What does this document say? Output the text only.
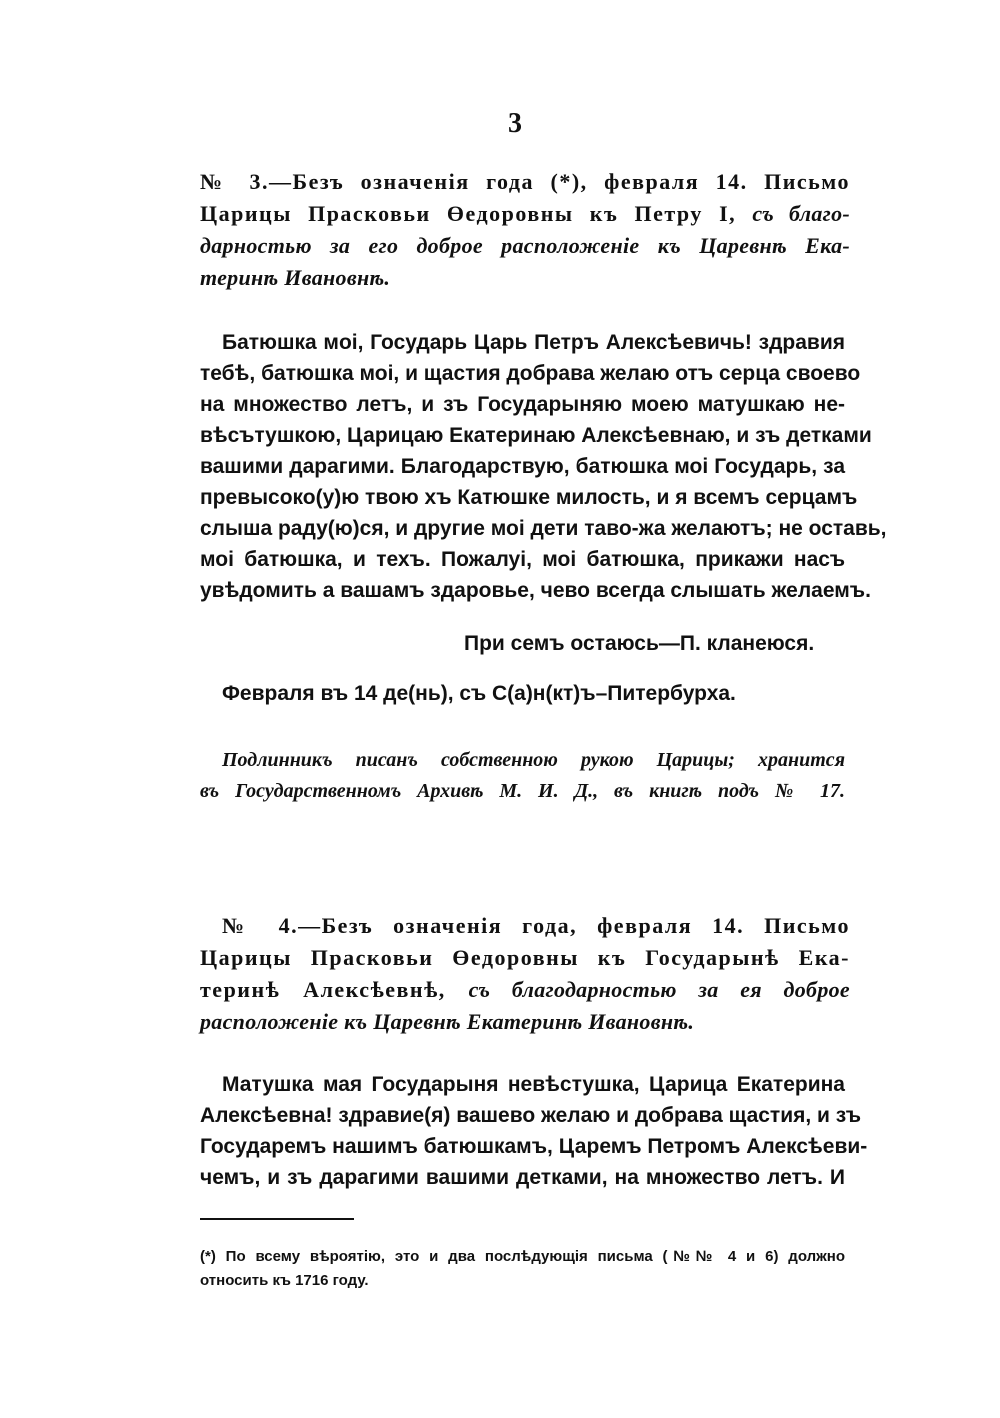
3
№ 3.—Безъ означенія года (*), февраля 14. Письмо
Царицы Прасковьи Өедоровны къ Петру I, съ благо-
дарностью за его доброе расположеніе къ Царевнѣ Ека-
теринѣ Ивановнѣ.
Батюшка мoi, Государь Царь Петръ Алексѣевичь! здравия
тебѣ, батюшка моі, и щастия добрава желаю отъ серца своево
на множество летъ, и зъ Государыняю моею матушкаю не-
вѣсътушкою, Царицаю Екатеринаю Алексѣевнаю, и зъ детками
вашими дарагими. Благодарствую, батюшка моі Государь, за
превысоко(у)ю твою хъ Катюшке милость, и я всемъ серцамъ
слыша раду(ю)ся, и другие моі дети таво-жа желаютъ; не оставь,
моі батюшка, и техъ. Пожалуі, моі батюшка, прикажи насъ
увѣдомить а вашамъ здаровье, чево всегда слышать желаемъ.
При семъ остаюсь—П. кланеюся.
Февраля въ 14 де(нь), съ С(а)н(кт)ъ–Питербурха.
Подлинникъ писанъ собственною рукою Царицы; хранится
въ Государственномъ Архивѣ М. И. Д., въ книгѣ подъ № 17.
№ 4.—Безъ означенія года, февраля 14. Письмо
Царицы Прасковьи Өедоровны къ Государынѣ Ека-
теринѣ Алексѣевнѣ, съ благодарностью за ея доброе
расположеніе къ Царевнѣ Екатеринѣ Ивановнѣ.
Матушка мая Государыня невѣстушка, Царица Екатерина
Алексѣевна! здравие(я) вашево желаю и добрава щастия, и зъ
Государемъ нашимъ батюшкамъ, Царемъ Петромъ Алексѣеви-
чемъ, и зъ дарагими вашими детками, на множество летъ. И
(*) По всему вѣроятію, это и два послѣдующія письма (№№ 4 и 6) должно
относить къ 1716 году.
